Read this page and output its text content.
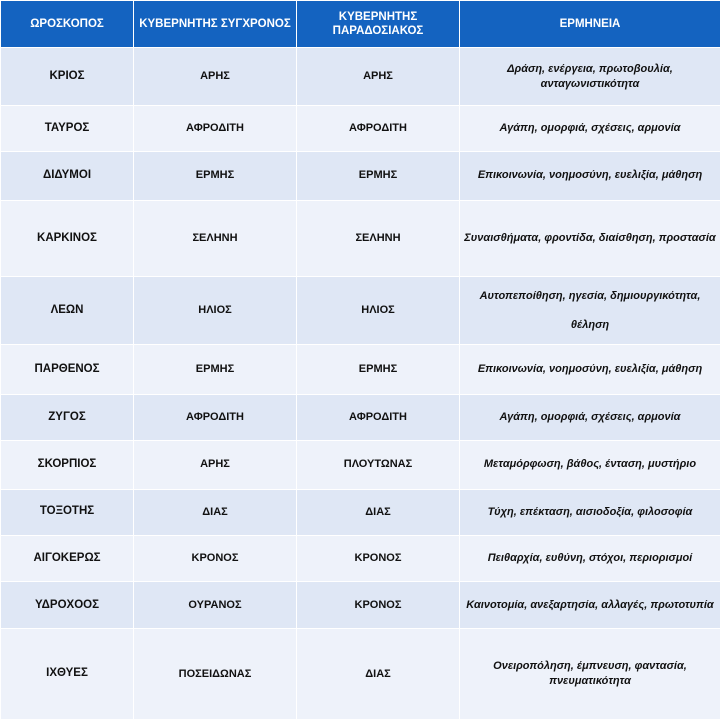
ΩΡΟΣΚΟΠΟΣ	ΚΥΒΕΡΝΗΤΗΣ ΣΥΓΧΡΟΝΟΣ	ΚΥΒΕΡΝΗΤΗΣ ΠΑΡΑΔΟΣΙΑΚΟΣ	ΕΡΜΗΝΕΙΑ
ΚΡΙΟΣ	ΑΡΗΣ	ΑΡΗΣ	Δράση, ενέργεια, πρωτοβουλία, ανταγωνιστικότητα
ΤΑΥΡΟΣ	ΑΦΡΟΔΙΤΗ	ΑΦΡΟΔΙΤΗ	Αγάπη, ομορφιά, σχέσεις, αρμονία
ΔΙΔΥΜΟΙ	ΕΡΜΗΣ	ΕΡΜΗΣ	Επικοινωνία, νοημοσύνη, ευελιξία, μάθηση
ΚΑΡΚΙΝΟΣ	ΣΕΛΗΝΗ	ΣΕΛΗΝΗ	Συναισθήματα, φροντίδα, διαίσθηση, προστασία
ΛΕΩΝ	ΗΛΙΟΣ	ΗΛΙΟΣ	Αυτοπεποίθηση, ηγεσία, δημιουργικότητα, θέληση
ΠΑΡΘΕΝΟΣ	ΕΡΜΗΣ	ΕΡΜΗΣ	Επικοινωνία, νοημοσύνη, ευελιξία, μάθηση
ΖΥΓΟΣ	ΑΦΡΟΔΙΤΗ	ΑΦΡΟΔΙΤΗ	Αγάπη, ομορφιά, σχέσεις, αρμονία
ΣΚΟΡΠΙΟΣ	ΑΡΗΣ	ΠΛΟΥΤΩΝΑΣ	Μεταμόρφωση, βάθος, ένταση, μυστήριο
ΤΟΞΟΤΗΣ	ΔΙΑΣ	ΔΙΑΣ	Τύχη, επέκταση, αισιοδοξία, φιλοσοφία
ΑΙΓΟΚΕΡΩΣ	ΚΡΟΝΟΣ	ΚΡΟΝΟΣ	Πειθαρχία, ευθύνη, στόχοι, περιορισμοί
ΥΔΡΟΧΟΟΣ	ΟΥΡΑΝΟΣ	ΚΡΟΝΟΣ	Καινοτομία, ανεξαρτησία, αλλαγές, πρωτοτυπία
ΙΧΘΥΕΣ	ΠΟΣΕΙΔΩΝΑΣ	ΔΙΑΣ	Ονειροπόληση, έμπνευση, φαντασία, πνευματικότητα
